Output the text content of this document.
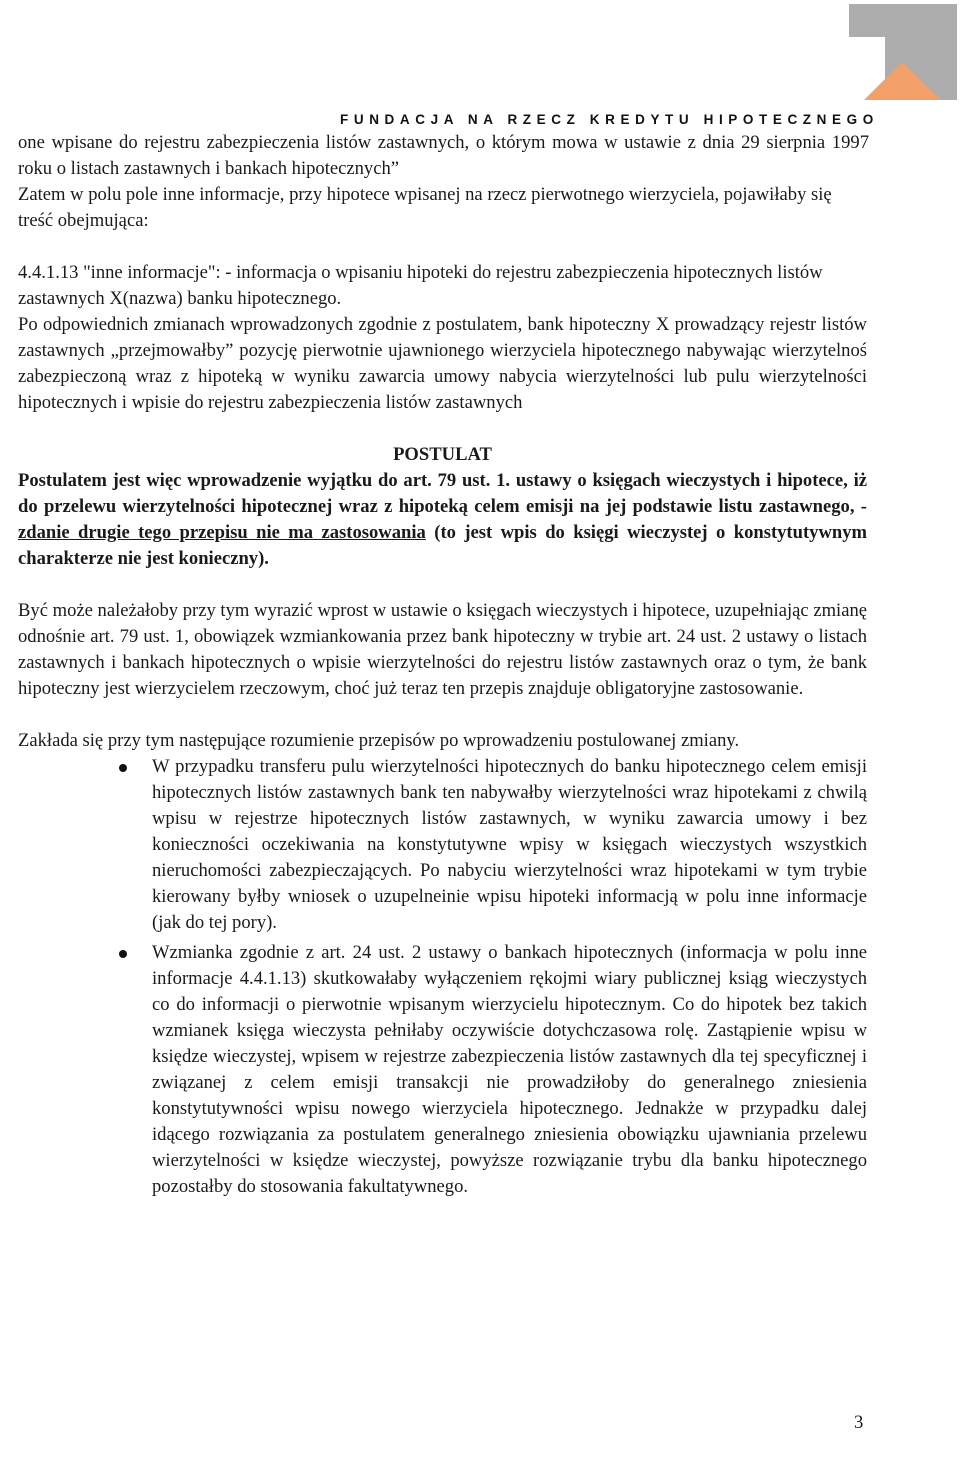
FUNDACJA NA RZECZ KREDYTU HIPOTECZNEGO

one wpisane do rejestru zabezpieczenia listów zastawnych, o którym mowa w ustawie z dnia 29 sierpnia 1997 roku o listach zastawnych i bankach hipotecznych”

Zatem w polu pole inne informacje, przy hipotece wpisanej na rzecz pierwotnego wierzyciela, pojawiłaby się treść obejmująca:

4.4.1.13 "inne informacje": - informacja o wpisaniu hipoteki do rejestru zabezpieczenia hipotecznych listów zastawnych X(nazwa) banku hipotecznego.

Po odpowiednich zmianach wprowadzonych zgodnie z postulatem, bank hipoteczny X prowadzący rejestr listów zastawnych „przejmowałby” pozycję pierwotnie ujawnionego wierzyciela hipotecznego nabywając wierzytelnoś zabezpieczoną wraz z hipoteką w wyniku zawarcia umowy nabycia wierzytelności lub pulu wierzytelności hipotecznych i wpisie do rejestru zabezpieczenia listów zastawnych

POSTULAT

Postulatem jest więc wprowadzenie wyjątku do art. 79 ust. 1. ustawy o księgach wieczystych i hipotece, iż do przelewu wierzytelności hipotecznej wraz z hipoteką celem emisji na jej podstawie listu zastawnego, - zdanie drugie tego przepisu nie ma zastosowania (to jest wpis do księgi wieczystej o konstytutywnym charakterze nie jest konieczny).

Być może należałoby przy tym wyrazić wprost w ustawie o księgach wieczystych i hipotece, uzupełniając zmianę odnośnie art. 79 ust. 1, obowiązek wzmiankowania przez bank hipoteczny w trybie art. 24 ust. 2 ustawy o listach zastawnych i bankach hipotecznych o wpisie wierzytelności do rejestru listów zastawnych oraz o tym, że bank hipoteczny jest wierzycielem rzeczowym, choć już teraz ten przepis znajduje obligatoryjne zastosowanie.

Zakłada się przy tym następujące rozumienie przepisów po wprowadzeniu postulowanej zmiany.

W przypadku transferu pulu wierzytelności hipotecznych do banku hipotecznego celem emisji hipotecznych listów zastawnych bank ten nabywałby wierzytelności wraz hipotekami z chwilą wpisu w rejestrze hipotecznych listów zastawnych, w wyniku zawarcia umowy i bez konieczności oczekiwania na konstytutywne wpisy w księgach wieczystych wszystkich nieruchomości zabezpieczających. Po nabyciu wierzytelności wraz hipotekami w tym trybie kierowany byłby wniosek o uzupelneinie wpisu hipoteki informacją w polu inne informacje (jak do tej pory).
Wzmianka zgodnie z art. 24 ust. 2 ustawy o bankach hipotecznych (informacja w polu inne informacje 4.4.1.13) skutkowałaby wyłączeniem rękojmi wiary publicznej ksiąg wieczystych co do informacji o pierwotnie wpisanym wierzycielu hipotecznym. Co do hipotek bez takich wzmianek księga wieczysta pełniłaby oczywiście dotychczasowa rolę. Zastąpienie wpisu w księdze wieczystej, wpisem w rejestrze zabezpieczenia listów zastawnych dla tej specyficznej i związanej z celem emisji transakcji nie prowadziłoby do generalnego zniesienia konstytutywności wpisu nowego wierzyciela hipotecznego. Jednakże w przypadku dalej idącego rozwiązania za postulatem generalnego zniesienia obowiązku ujawniania przelewu wierzytelności w księdze wieczystej, powyższe rozwiązanie trybu dla banku hipotecznego pozostałby do stosowania fakultatywnego.
3
